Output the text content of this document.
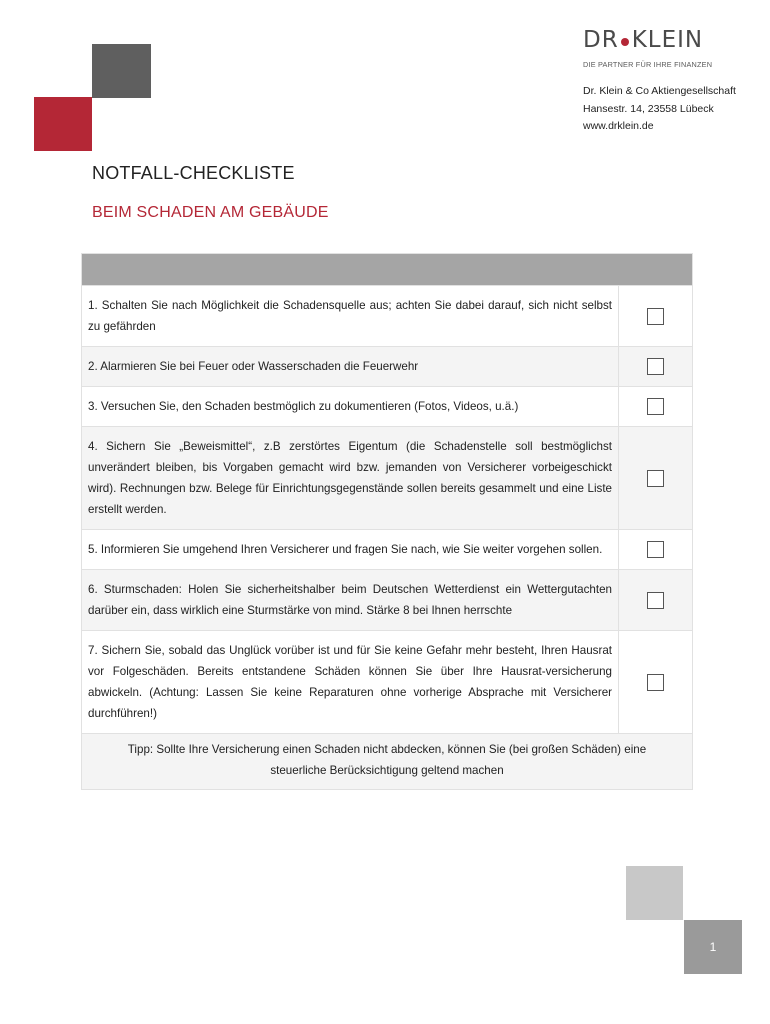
DR KLEIN
DIE PARTNER FÜR IHRE FINANZEN
Dr. Klein & Co Aktiengesellschaft
Hansestr. 14, 23558 Lübeck
www.drklein.de
NOTFALL-CHECKLISTE
BEIM SCHADEN AM GEBÄUDE
1. Schalten Sie nach Möglichkeit die Schadensquelle aus; achten Sie dabei darauf, sich nicht selbst zu gefährden
2. Alarmieren Sie bei Feuer oder Wasserschaden die Feuerwehr
3. Versuchen Sie, den Schaden bestmöglich zu dokumentieren (Fotos, Videos, u.ä.)
4. Sichern Sie „Beweismittel“, z.B zerstörtes Eigentum (die Schadenstelle soll bestmöglichst unverändert bleiben, bis Vorgaben gemacht wird bzw. jemanden von Versicherer vorbeigeschickt wird). Rechnungen bzw. Belege für Einrichtungsgegenstände sollen bereits gesammelt und eine Liste erstellt werden.
5. Informieren Sie umgehend Ihren Versicherer und fragen Sie nach, wie Sie weiter vorgehen sollen.
6. Sturmschaden: Holen Sie sicherheitshalber beim Deutschen Wetterdienst ein Wettergutachten darüber ein, dass wirklich eine Sturmstärke von mind. Stärke 8 bei Ihnen herrschte
7. Sichern Sie, sobald das Unglück vorüber ist und für Sie keine Gefahr mehr besteht, Ihren Hausrat vor Folgeschäden. Bereits entstandene Schäden können Sie über Ihre Hausrat-versicherung abwickeln. (Achtung: Lassen Sie keine Reparaturen ohne vorherige Absprache mit Versicherer durchführen!)
Tipp: Sollte Ihre Versicherung einen Schaden nicht abdecken, können Sie (bei großen Schäden) eine steuerliche Berücksichtigung geltend machen
1
